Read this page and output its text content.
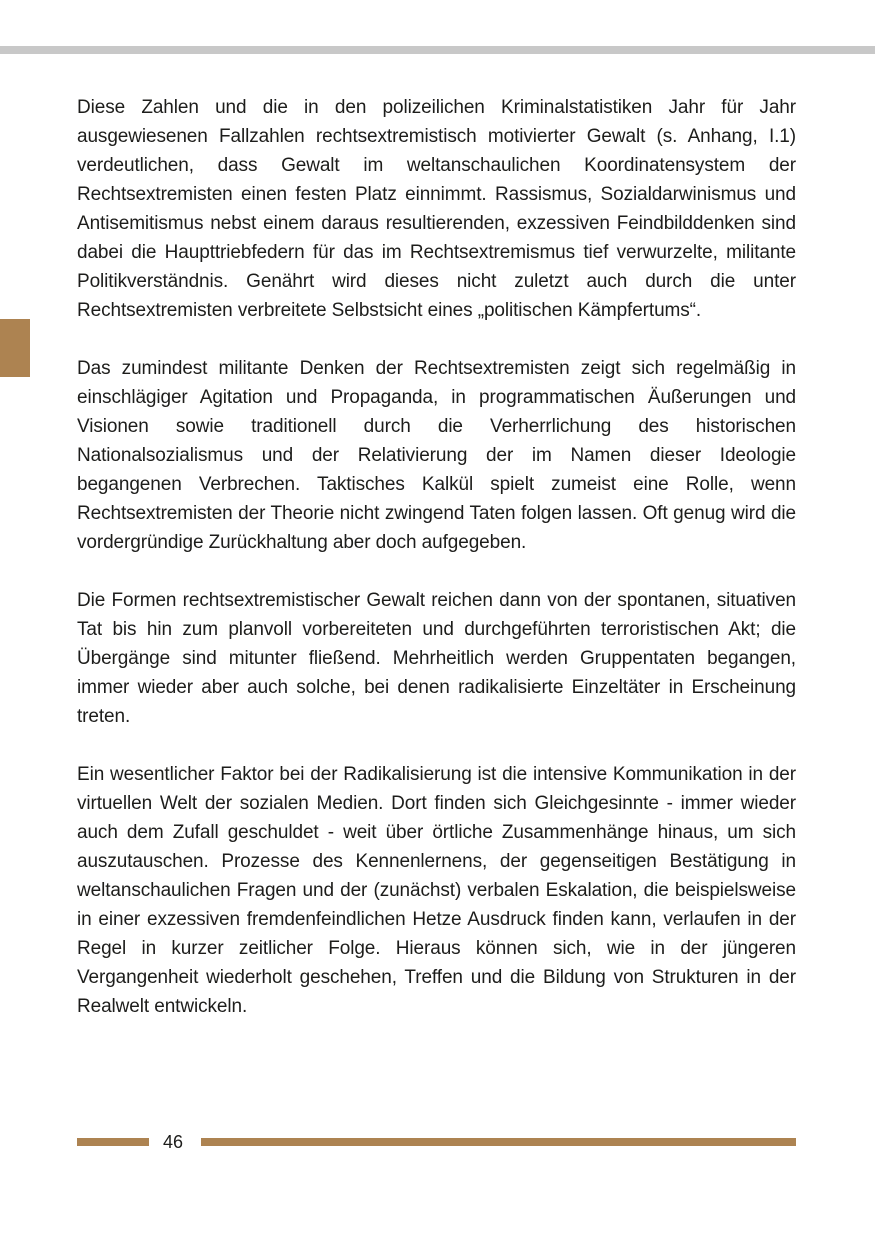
Diese Zahlen und die in den polizeilichen Kriminalstatistiken Jahr für Jahr ausgewiesenen Fallzahlen rechtsextremistisch motivierter Gewalt (s. Anhang, I.1) verdeutlichen, dass Gewalt im weltanschaulichen Koordinatensystem der Rechtsextremisten einen festen Platz einnimmt. Rassismus, Sozialdarwinismus und Antisemitismus nebst einem daraus resultierenden, exzessiven Feindbilddenken sind dabei die Haupttriebfedern für das im Rechtsextremismus tief verwurzelte, militante Politikverständnis. Genährt wird dieses nicht zuletzt auch durch die unter Rechtsextremisten verbreitete Selbstsicht eines „politischen Kämpfertums“.

Das zumindest militante Denken der Rechtsextremisten zeigt sich regelmäßig in einschlägiger Agitation und Propaganda, in programmatischen Äußerungen und Visionen sowie traditionell durch die Verherrlichung des historischen Nationalsozialismus und der Relativierung der im Namen dieser Ideologie begangenen Verbrechen. Taktisches Kalkül spielt zumeist eine Rolle, wenn Rechtsextremisten der Theorie nicht zwingend Taten folgen lassen. Oft genug wird die vordergründige Zurückhaltung aber doch aufgegeben.

Die Formen rechtsextremistischer Gewalt reichen dann von der spontanen, situativen Tat bis hin zum planvoll vorbereiteten und durchgeführten terroristischen Akt; die Übergänge sind mitunter fließend. Mehrheitlich werden Gruppentaten begangen, immer wieder aber auch solche, bei denen radikalisierte Einzeltäter in Erscheinung treten.

Ein wesentlicher Faktor bei der Radikalisierung ist die intensive Kommunikation in der virtuellen Welt der sozialen Medien. Dort finden sich Gleichgesinnte - immer wieder auch dem Zufall geschuldet - weit über örtliche Zusammenhänge hinaus, um sich auszutauschen. Prozesse des Kennenlernens, der gegenseitigen Bestätigung in weltanschaulichen Fragen und der (zunächst) verbalen Eskalation, die beispielsweise in einer exzessiven fremdenfeindlichen Hetze Ausdruck finden kann, verlaufen in der Regel in kurzer zeitlicher Folge. Hieraus können sich, wie in der jüngeren Vergangenheit wiederholt geschehen, Treffen und die Bildung von Strukturen in der Realwelt entwickeln.

46
